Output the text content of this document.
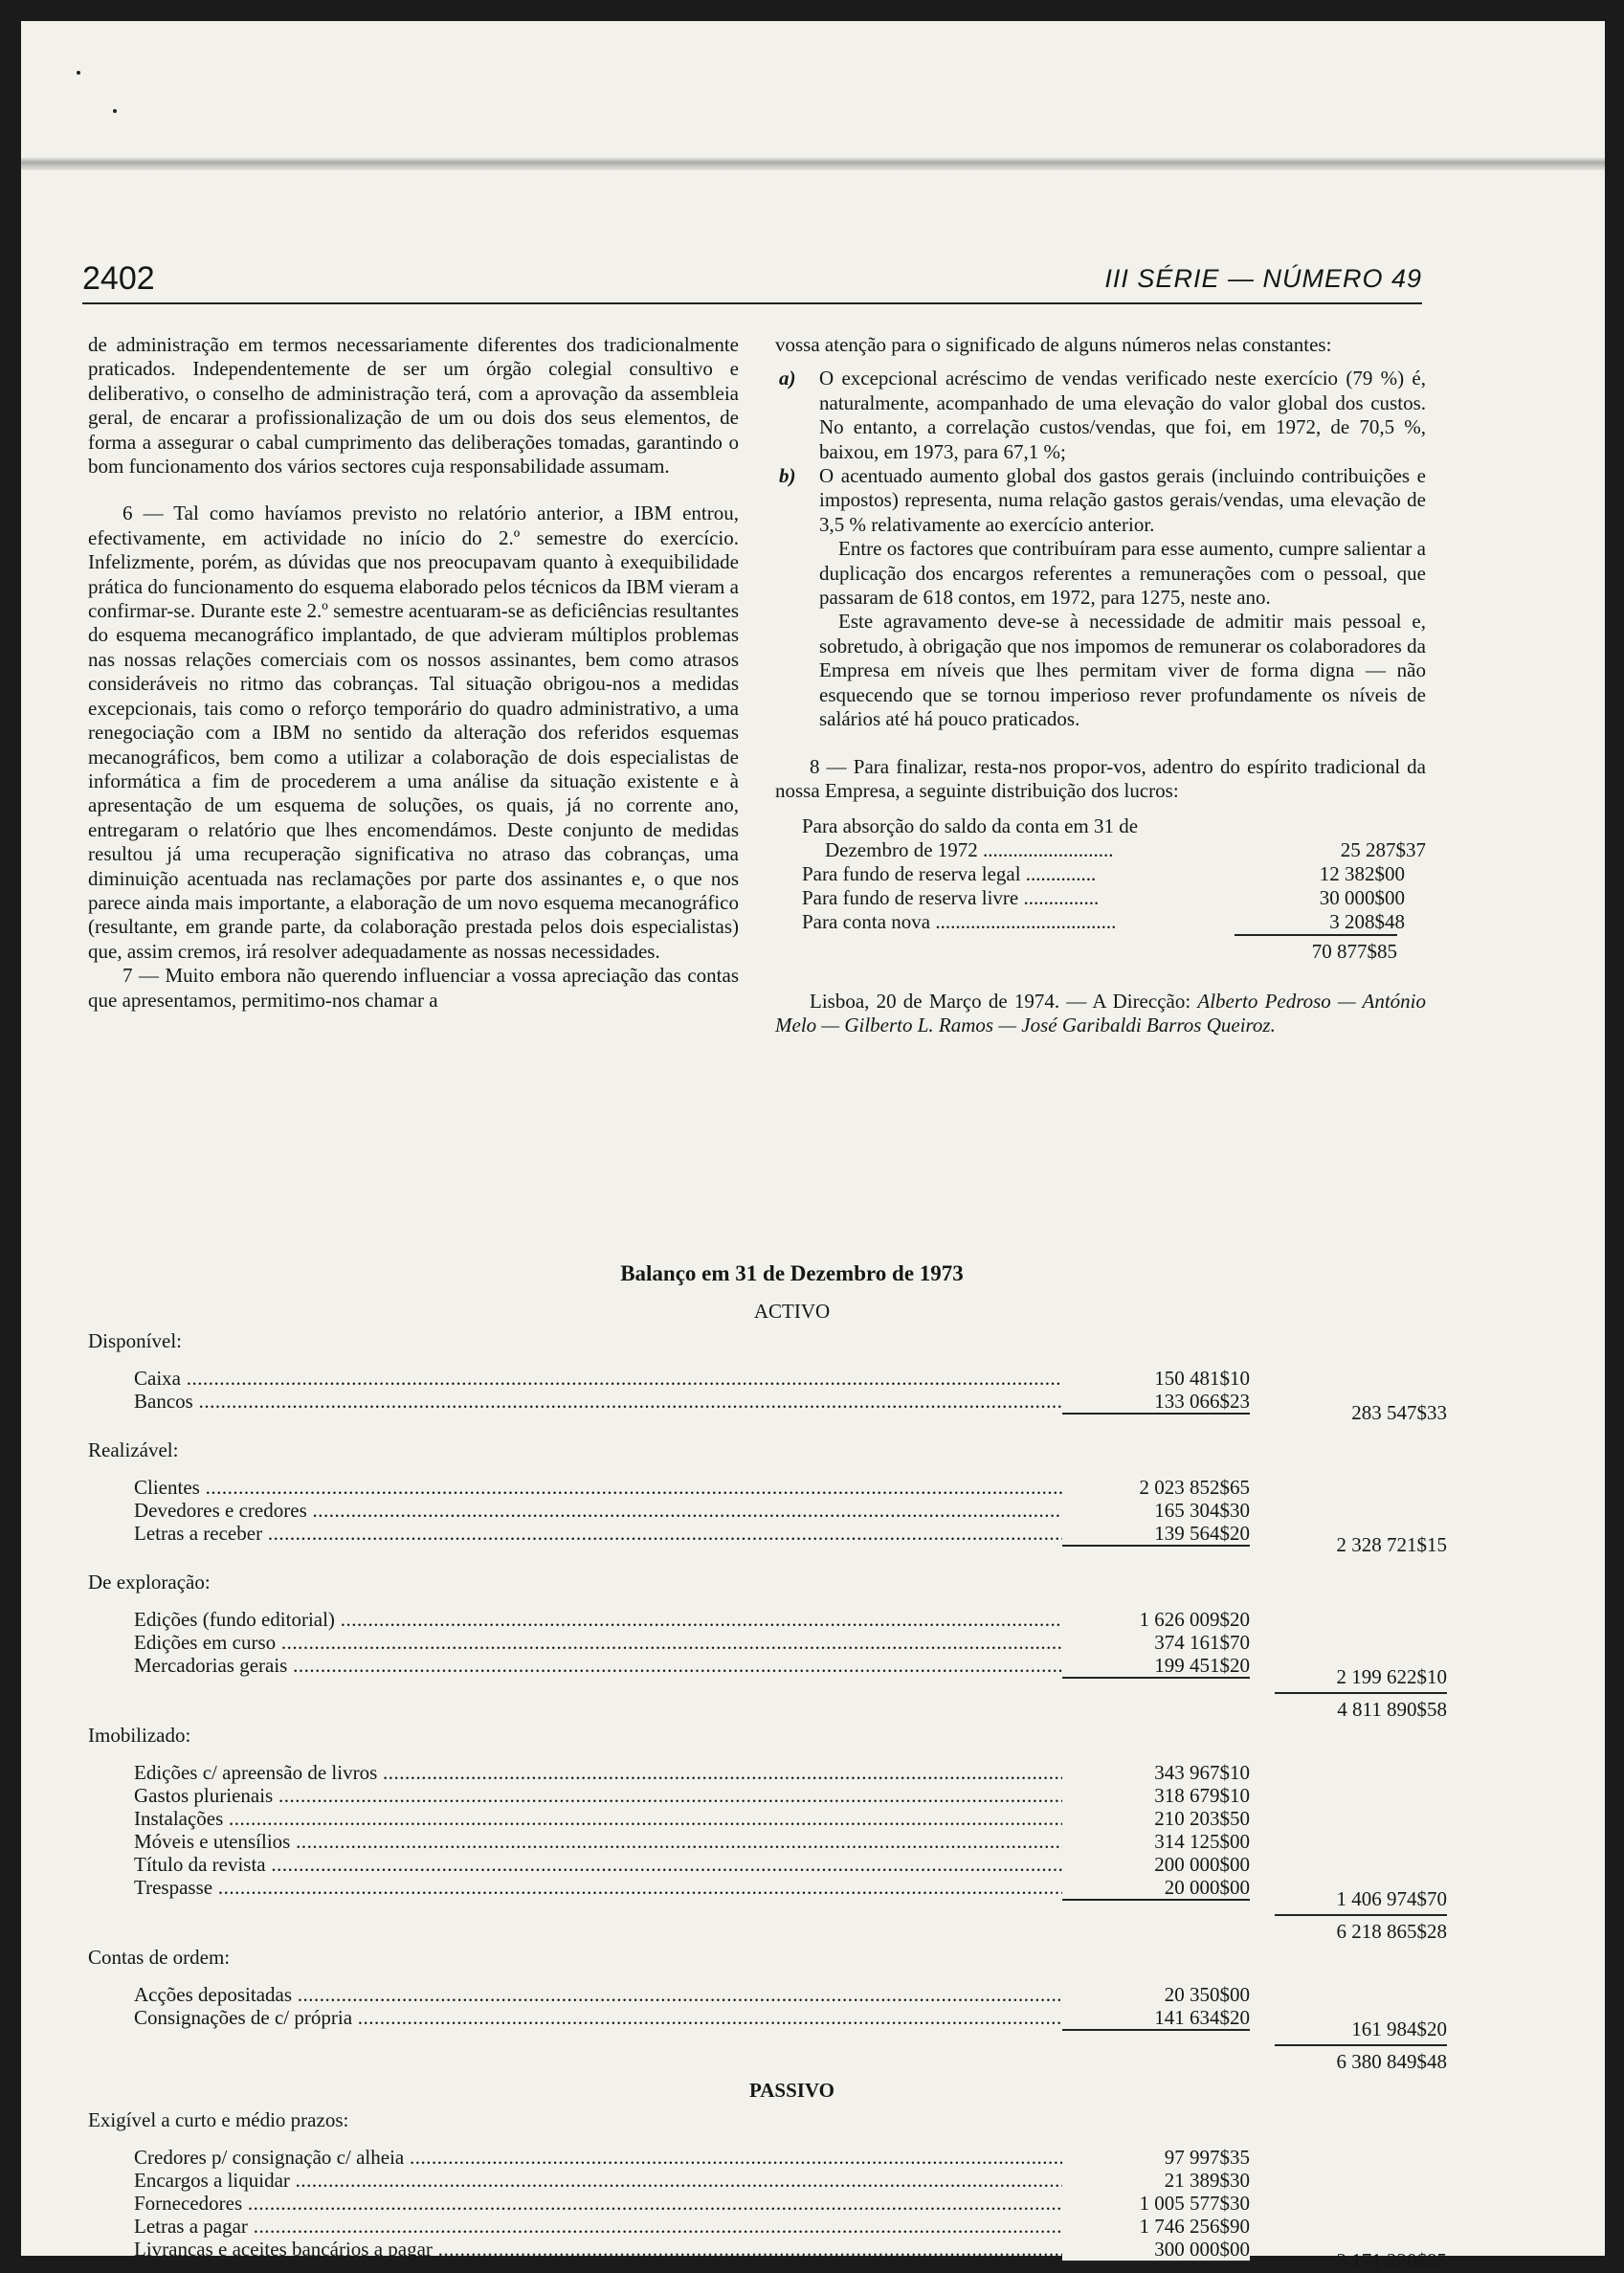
2402	III SÉRIE — NÚMERO 49

de administração em termos necessariamente diferentes dos tradicionalmente praticados. Independentemente de ser um órgão colegial consultivo e deliberativo, o conselho de administração terá, com a aprovação da assembleia geral, de encarar a profissionalização de um ou dois dos seus elementos, de forma a assegurar o cabal cumprimento das deliberações tomadas, garantindo o bom funcionamento dos vários sectores cuja responsabilidade assumam.

6 — Tal como havíamos previsto no relatório anterior, a IBM entrou, efectivamente, em actividade no início do 2.º semestre do exercício. Infelizmente, porém, as dúvidas que nos preocupavam quanto à exequibilidade prática do funcionamento do esquema elaborado pelos técnicos da IBM vieram a confirmar-se. Durante este 2.º semestre acentuaram-se as deficiências resultantes do esquema mecanográfico implantado, de que advieram múltiplos problemas nas nossas relações comerciais com os nossos assinantes, bem como atrasos consideráveis no ritmo das cobranças. Tal situação obrigou-nos a medidas excepcionais, tais como o reforço temporário do quadro administrativo, a uma renegociação com a IBM no sentido da alteração dos referidos esquemas mecanográficos, bem como a utilizar a colaboração de dois especialistas de informática a fim de procederem a uma análise da situação existente e à apresentação de um esquema de soluções, os quais, já no corrente ano, entregaram o relatório que lhes encomendámos. Deste conjunto de medidas resultou já uma recuperação significativa no atraso das cobranças, uma diminuição acentuada nas reclamações por parte dos assinantes e, o que nos parece ainda mais importante, a elaboração de um novo esquema mecanográfico (resultante, em grande parte, da colaboração prestada pelos dois especialistas) que, assim cremos, irá resolver adequadamente as nossas necessidades.

7 — Muito embora não querendo influenciar a vossa apreciação das contas que apresentamos, permitimo-nos chamar a

vossa atenção para o significado de alguns números nelas constantes:

a) O excepcional acréscimo de vendas verificado neste exercício (79 %) é, naturalmente, acompanhado de uma elevação do valor global dos custos. No entanto, a correlação custos/vendas, que foi, em 1972, de 70,5 %, baixou, em 1973, para 67,1 %;

b) O acentuado aumento global dos gastos gerais (incluindo contribuições e impostos) representa, numa relação gastos gerais/vendas, uma elevação de 3,5 % relativamente ao exercício anterior.

Entre os factores que contribuíram para esse aumento, cumpre salientar a duplicação dos encargos referentes a remunerações com o pessoal, que passaram de 618 contos, em 1972, para 1275, neste ano.

Este agravamento deve-se à necessidade de admitir mais pessoal e, sobretudo, à obrigação que nos impomos de remunerar os colaboradores da Empresa em níveis que lhes permitam viver de forma digna — não esquecendo que se tornou imperioso rever profundamente os níveis de salários até há pouco praticados.

8 — Para finalizar, resta-nos propor-vos, adentro do espírito tradicional da nossa Empresa, a seguinte distribuição dos lucros:

Para absorção do saldo da conta em 31 de
Dezembro de 1972 ..........................	25 287$37
Para fundo de reserva legal ..............	12 382$00
Para fundo de reserva livre ...............	30 000$00
Para conta nova ....................................	3 208$48
70 877$85

Lisboa, 20 de Março de 1974. — A Direcção: Alberto Pedroso — António Melo — Gilberto L. Ramos — José Garibaldi Barros Queiroz.

Balanço em 31 de Dezembro de 1973
ACTIVO
Disponível:
Caixa .....	150 481$10
Bancos .....	133 066$23	283 547$33
Realizável:
Clientes .....	2 023 852$65
Devedores e credores .....	165 304$30
Letras a receber .....	139 564$20	2 328 721$15
De exploração:
Edições (fundo editorial) .....	1 626 009$20
Edições em curso .....	374 161$70
Mercadorias gerais .....	199 451$20	2 199 622$10
4 811 890$58
Imobilizado:
Edições c/ apreensão de livros .....	343 967$10
Gastos plurienais .....	318 679$10
Instalações .....	210 203$50
Móveis e utensílios .....	314 125$00
Título da revista .....	200 000$00
Trespasse .....	20 000$00	1 406 974$70
6 218 865$28
Contas de ordem:
Acções depositadas .....	20 350$00
Consignações de c/ própria .....	141 634$20	161 984$20
6 380 849$48
PASSIVO
Exigível a curto e médio prazos:
Credores p/ consignação c/ alheia .....	97 997$35
Encargos a liquidar .....	21 389$30
Fornecedores .....	1 005 577$30
Letras a pagar .....	1 746 256$90
Livranças e aceites bancários a pagar .....	300 000$00	3 171 220$85
